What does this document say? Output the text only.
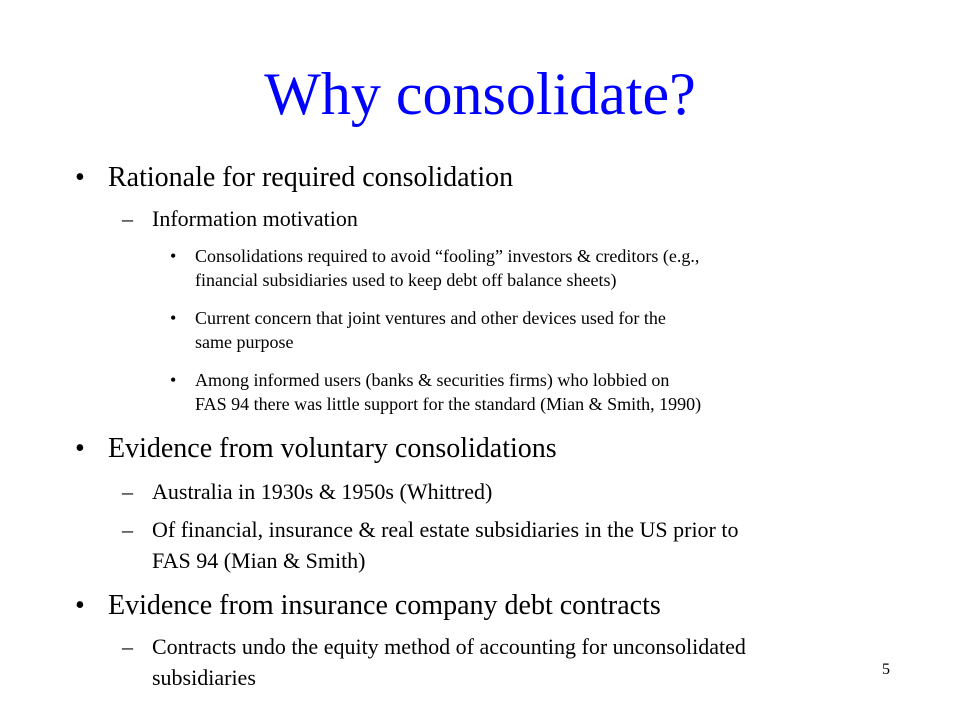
Why consolidate?
• Rationale for required consolidation
– Information motivation
• Consolidations required to avoid “fooling” investors & creditors (e.g.,
financial subsidiaries used to keep debt off balance sheets)
• Current concern that joint ventures and other devices used for the
same purpose
• Among informed users (banks & securities firms) who lobbied on
FAS 94 there was little support for the standard (Mian & Smith, 1990)
• Evidence from voluntary consolidations
– Australia in 1930s & 1950s (Whittred)
– Of financial, insurance & real estate subsidiaries in the US prior to
FAS 94 (Mian & Smith)
• Evidence from insurance company debt contracts
– Contracts undo the equity method of accounting for unconsolidated
subsidiaries	5
